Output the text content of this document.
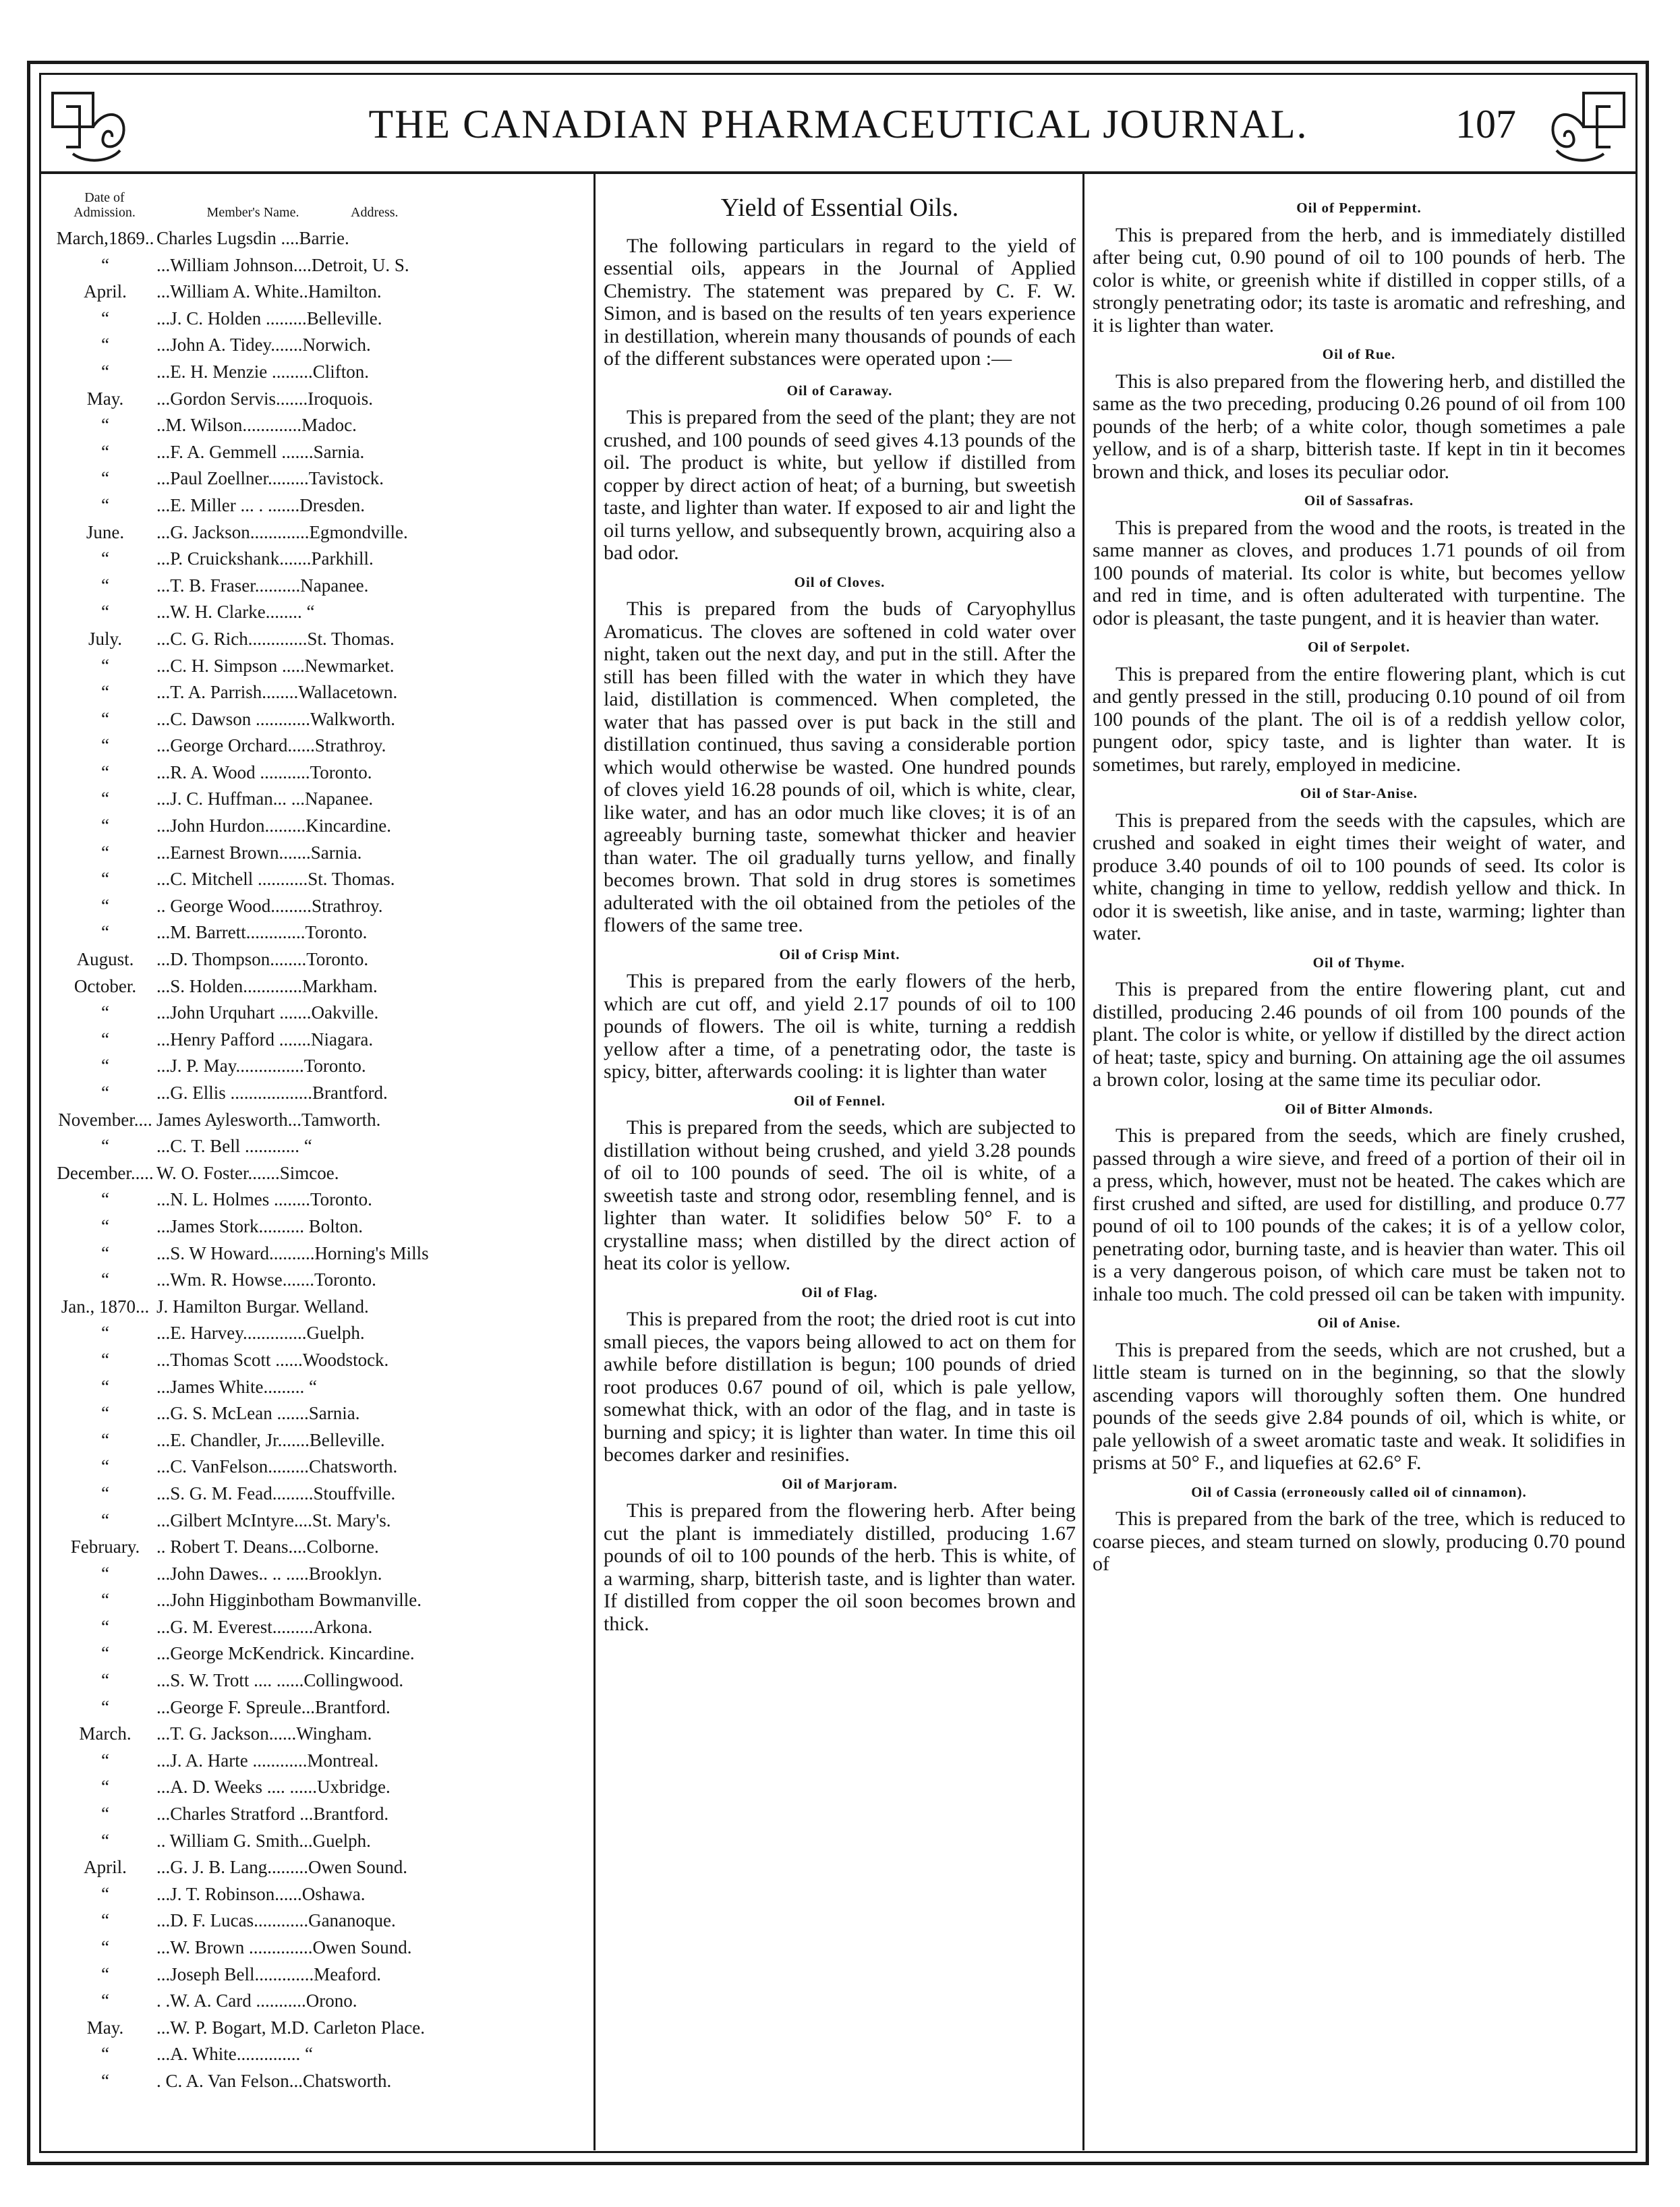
THE CANADIAN PHARMACEUTICAL JOURNAL.	107
Date of Admission.	Member's Name.	Address.
March,1869.. Charles Lugsdin ....Barrie.
“	...William Johnson....Detroit, U. S.
April.	...William A. White..Hamilton.
“	...J. C. Holden .........Belleville.
“	...John A. Tidey.......Norwich.
“	...E. H. Menzie .........Clifton.
May.	...Gordon Servis.......Iroquois.
“	..M. Wilson.............Madoc.
“	...F. A. Gemmell .......Sarnia.
“	...Paul Zoellner.........Tavistock.
“	...E. Miller ... . .......Dresden.
June.	...G. Jackson.............Egmondville.
“	...P. Cruickshank.......Parkhill.
“	...T. B. Fraser..........Napanee.
“	...W. H. Clarke........ “
July.	...C. G. Rich.............St. Thomas.
“	...C. H. Simpson .....Newmarket.
“	...T. A. Parrish........Wallacetown.
“	...C. Dawson ............Walkworth.
“	...George Orchard......Strathroy.
“	...R. A. Wood ...........Toronto.
“	...J. C. Huffman... ...Napanee.
“	...John Hurdon.........Kincardine.
“	...Earnest Brown.......Sarnia.
“	...C. Mitchell ...........St. Thomas.
“	.. George Wood.........Strathroy.
“	...M. Barrett.............Toronto.
August.	...D. Thompson........Toronto.
October.	...S. Holden.............Markham.
“	...John Urquhart .......Oakville.
“	...Henry Pafford .......Niagara.
“	...J. P. May...............Toronto.
“	...G. Ellis ..................Brantford.
November.... James Aylesworth...Tamworth.
“	...C. T. Bell ............ “
December..... W. O. Foster.......Simcoe.
“	...N. L. Holmes ........Toronto.
“	...James Stork.......... Bolton.
“	...S. W Howard..........Horning's Mills
“	...Wm. R. Howse.......Toronto.
Jan., 1870... J. Hamilton Burgar. Welland.
“	...E. Harvey..............Guelph.
“	...Thomas Scott ......Woodstock.
“	...James White......... “
“	...G. S. McLean .......Sarnia.
“	...E. Chandler, Jr.......Belleville.
“	...C. VanFelson.........Chatsworth.
“	...S. G. M. Fead.........Stouffville.
“	...Gilbert McIntyre....St. Mary's.
February. .. Robert T. Deans....Colborne.
“	...John Dawes.. .. .....Brooklyn.
“	...John Higginbotham Bowmanville.
“	...G. M. Everest.........Arkona.
“	...George McKendrick. Kincardine.
“	...S. W. Trott .... ......Collingwood.
“	...George F. Spreule...Brantford.
March.	...T. G. Jackson......Wingham.
“	...J. A. Harte ............Montreal.
“	...A. D. Weeks .... ......Uxbridge.
“	...Charles Stratford ...Brantford.
“	.. William G. Smith...Guelph.
April.	...G. J. B. Lang.........Owen Sound.
“	...J. T. Robinson......Oshawa.
“	...D. F. Lucas............Gananoque.
“	...W. Brown ..............Owen Sound.
“	...Joseph Bell.............Meaford.
“	. .W. A. Card ...........Orono.
May.	...W. P. Bogart, M.D. Carleton Place.
“	...A. White.............. “
“	. C. A. Van Felson...Chatsworth.
Yield of Essential Oils.

The following particulars in regard to the yield of essential oils, appears in the Journal of Applied Chemistry. The statement was prepared by C. F. W. Simon, and is based on the results of ten years experience in destillation, wherein many thousands of pounds of each of the different substances were operated upon :—

Oil of Caraway.

This is prepared from the seed of the plant; they are not crushed, and 100 pounds of seed gives 4.13 pounds of the oil. The product is white, but yellow if distilled from copper by direct action of heat; of a burning, but sweetish taste, and lighter than water. If exposed to air and light the oil turns yellow, and subsequently brown, acquiring also a bad odor.

Oil of Cloves.

This is prepared from the buds of Caryophyllus Aromaticus. The cloves are softened in cold water over night, taken out the next day, and put in the still. After the still has been filled with the water in which they have laid, distillation is commenced. When completed, the water that has passed over is put back in the still and distillation continued, thus saving a considerable portion which would otherwise be wasted. One hundred pounds of cloves yield 16.28 pounds of oil, which is white, clear, like water, and has an odor much like cloves; it is of an agreeably burning taste, somewhat thicker and heavier than water. The oil gradually turns yellow, and finally becomes brown. That sold in drug stores is sometimes adulterated with the oil obtained from the petioles of the flowers of the same tree.

Oil of Crisp Mint.

This is prepared from the early flowers of the herb, which are cut off, and yield 2.17 pounds of oil to 100 pounds of flowers. The oil is white, turning a reddish yellow after a time, of a penetrating odor, the taste is spicy, bitter, afterwards cooling: it is lighter than water

Oil of Fennel.

This is prepared from the seeds, which are subjected to distillation without being crushed, and yield 3.28 pounds of oil to 100 pounds of seed. The oil is white, of a sweetish taste and strong odor, resembling fennel, and is lighter than water. It solidifies below 50° F. to a crystalline mass; when distilled by the direct action of heat its color is yellow.

Oil of Flag.

This is prepared from the root; the dried root is cut into small pieces, the vapors being allowed to act on them for awhile before distillation is begun; 100 pounds of dried root produces 0.67 pound of oil, which is pale yellow, somewhat thick, with an odor of the flag, and in taste is burning and spicy; it is lighter than water. In time this oil becomes darker and resinifies.

Oil of Marjoram.

This is prepared from the flowering herb. After being cut the plant is immediately distilled, producing 1.67 pounds of oil to 100 pounds of the herb. This is white, of a warming, sharp, bitterish taste, and is lighter than water. If distilled from copper the oil soon becomes brown and thick.

Oil of Peppermint.

This is prepared from the herb, and is immediately distilled after being cut, 0.90 pound of oil to 100 pounds of herb. The color is white, or greenish white if distilled in copper stills, of a strongly penetrating odor; its taste is aromatic and refreshing, and it is lighter than water.

Oil of Rue.

This is also prepared from the flowering herb, and distilled the same as the two preceding, producing 0.26 pound of oil from 100 pounds of the herb; of a white color, though sometimes a pale yellow, and is of a sharp, bitterish taste. If kept in tin it becomes brown and thick, and loses its peculiar odor.

Oil of Sassafras.

This is prepared from the wood and the roots, is treated in the same manner as cloves, and produces 1.71 pounds of oil from 100 pounds of material. Its color is white, but becomes yellow and red in time, and is often adulterated with turpentine. The odor is pleasant, the taste pungent, and it is heavier than water.

Oil of Serpolet.

This is prepared from the entire flowering plant, which is cut and gently pressed in the still, producing 0.10 pound of oil from 100 pounds of the plant. The oil is of a reddish yellow color, pungent odor, spicy taste, and is lighter than water. It is sometimes, but rarely, employed in medicine.

Oil of Star-Anise.

This is prepared from the seeds with the capsules, which are crushed and soaked in eight times their weight of water, and produce 3.40 pounds of oil to 100 pounds of seed. Its color is white, changing in time to yellow, reddish yellow and thick. In odor it is sweetish, like anise, and in taste, warming; lighter than water.

Oil of Thyme.

This is prepared from the entire flowering plant, cut and distilled, producing 2.46 pounds of oil from 100 pounds of the plant. The color is white, or yellow if distilled by the direct action of heat; taste, spicy and burning. On attaining age the oil assumes a brown color, losing at the same time its peculiar odor.

Oil of Bitter Almonds.

This is prepared from the seeds, which are finely crushed, passed through a wire sieve, and freed of a portion of their oil in a press, which, however, must not be heated. The cakes which are first crushed and sifted, are used for distilling, and produce 0.77 pound of oil to 100 pounds of the cakes; it is of a yellow color, penetrating odor, burning taste, and is heavier than water. This oil is a very dangerous poison, of which care must be taken not to inhale too much. The cold pressed oil can be taken with impunity.

Oil of Anise.

This is prepared from the seeds, which are not crushed, but a little steam is turned on in the beginning, so that the slowly ascending vapors will thoroughly soften them. One hundred pounds of the seeds give 2.84 pounds of oil, which is white, or pale yellowish of a sweet aromatic taste and weak. It solidifies in prisms at 50° F., and liquefies at 62.6° F.

Oil of Cassia (erroneously called oil of cinnamon).

This is prepared from the bark of the tree, which is reduced to coarse pieces, and steam turned on slowly, producing 0.70 pound of
